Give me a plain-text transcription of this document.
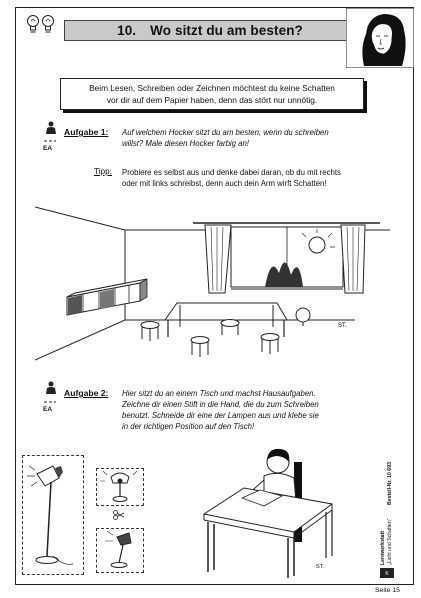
10. Wo sitzt du am besten?
Beim Lesen, Schreiben oder Zeichnen möchtest du keine Schatten
vor dir auf dem Papier haben, denn das stört nur unnötig.
EA
Aufgabe 1: Auf welchem Hocker sitzt du am besten, wenn du schreiben
willst? Male diesen Hocker farbig an!
Tipp: Probiere es selbst aus und denke dabei daran, ob du mit rechts
oder mit links schreibst, denn auch dein Arm wirft Schatten!
ST.
EA
Aufgabe 2: Hier sitzt du an einem Tisch und machst Hausaufgaben.
Zeichne dir einen Stift in die Hand, die du zum Schreiben
benutzt. Schneide dir eine der Lampen aus und klebe sie
in der richtigen Position auf den Tisch!
ST.
K
Lernwerkstatt „Licht und Schatten“
Bestell-Nr. 10 693
Seite 15
